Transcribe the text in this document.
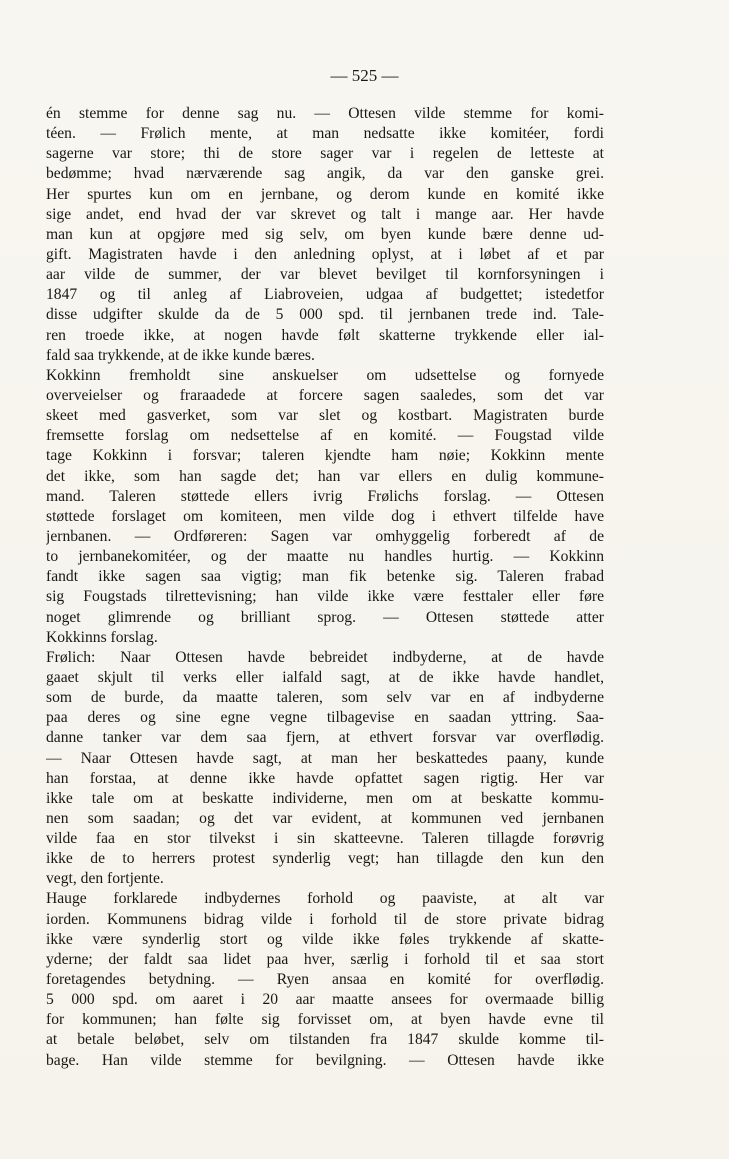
— 525 —
én stemme for denne sag nu. — Ottesen vilde stemme for komi-
téen. — Frølich mente, at man nedsatte ikke komitéer, fordi
sagerne var store; thi de store sager var i regelen de letteste at
bedømme; hvad nærværende sag angik, da var den ganske grei.
Her spurtes kun om en jernbane, og derom kunde en komité ikke
sige andet, end hvad der var skrevet og talt i mange aar. Her havde
man kun at opgjøre med sig selv, om byen kunde bære denne ud-
gift. Magistraten havde i den anledning oplyst, at i løbet af et par
aar vilde de summer, der var blevet bevilget til kornforsyningen i
1847 og til anleg af Liabroveien, udgaa af budgettet; istedetfor
disse udgifter skulde da de 5 000 spd. til jernbanen trede ind. Tale-
ren troede ikke, at nogen havde følt skatterne trykkende eller ial-
fald saa trykkende, at de ikke kunde bæres.
Kokkinn fremholdt sine anskuelser om udsettelse og fornyede
overveielser og fraraadede at forcere sagen saaledes, som det var
skeet med gasverket, som var slet og kostbart. Magistraten burde
fremsette forslag om nedsettelse af en komité. — Fougstad vilde
tage Kokkinn i forsvar; taleren kjendte ham nøie; Kokkinn mente
det ikke, som han sagde det; han var ellers en dulig kommune-
mand. Taleren støttede ellers ivrig Frølichs forslag. — Ottesen
støttede forslaget om komiteen, men vilde dog i ethvert tilfelde have
jernbanen. — Ordføreren: Sagen var omhyggelig forberedt af de
to jernbanekomitéer, og der maatte nu handles hurtig. — Kokkinn
fandt ikke sagen saa vigtig; man fik betenke sig. Taleren frabad
sig Fougstads tilrettevisning; han vilde ikke være festtaler eller føre
noget glimrende og brilliant sprog. — Ottesen støttede atter
Kokkinns forslag.
Frølich: Naar Ottesen havde bebreidet indbyderne, at de havde
gaaet skjult til verks eller ialfald sagt, at de ikke havde handlet,
som de burde, da maatte taleren, som selv var en af indbyderne
paa deres og sine egne vegne tilbagevise en saadan yttring. Saa-
danne tanker var dem saa fjern, at ethvert forsvar var overflødig.
— Naar Ottesen havde sagt, at man her beskattedes paany, kunde
han forstaa, at denne ikke havde opfattet sagen rigtig. Her var
ikke tale om at beskatte individerne, men om at beskatte kommu-
nen som saadan; og det var evident, at kommunen ved jernbanen
vilde faa en stor tilvekst i sin skatteevne. Taleren tillagde forøvrig
ikke de to herrers protest synderlig vegt; han tillagde den kun den
vegt, den fortjente.
Hauge forklarede indbydernes forhold og paaviste, at alt var
iorden. Kommunens bidrag vilde i forhold til de store private bidrag
ikke være synderlig stort og vilde ikke føles trykkende af skatte-
yderne; der faldt saa lidet paa hver, særlig i forhold til et saa stort
foretagendes betydning. — Ryen ansaa en komité for overflødig.
5 000 spd. om aaret i 20 aar maatte ansees for overmaade billig
for kommunen; han følte sig forvisset om, at byen havde evne til
at betale beløbet, selv om tilstanden fra 1847 skulde komme til-
bage. Han vilde stemme for bevilgning. — Ottesen havde ikke
